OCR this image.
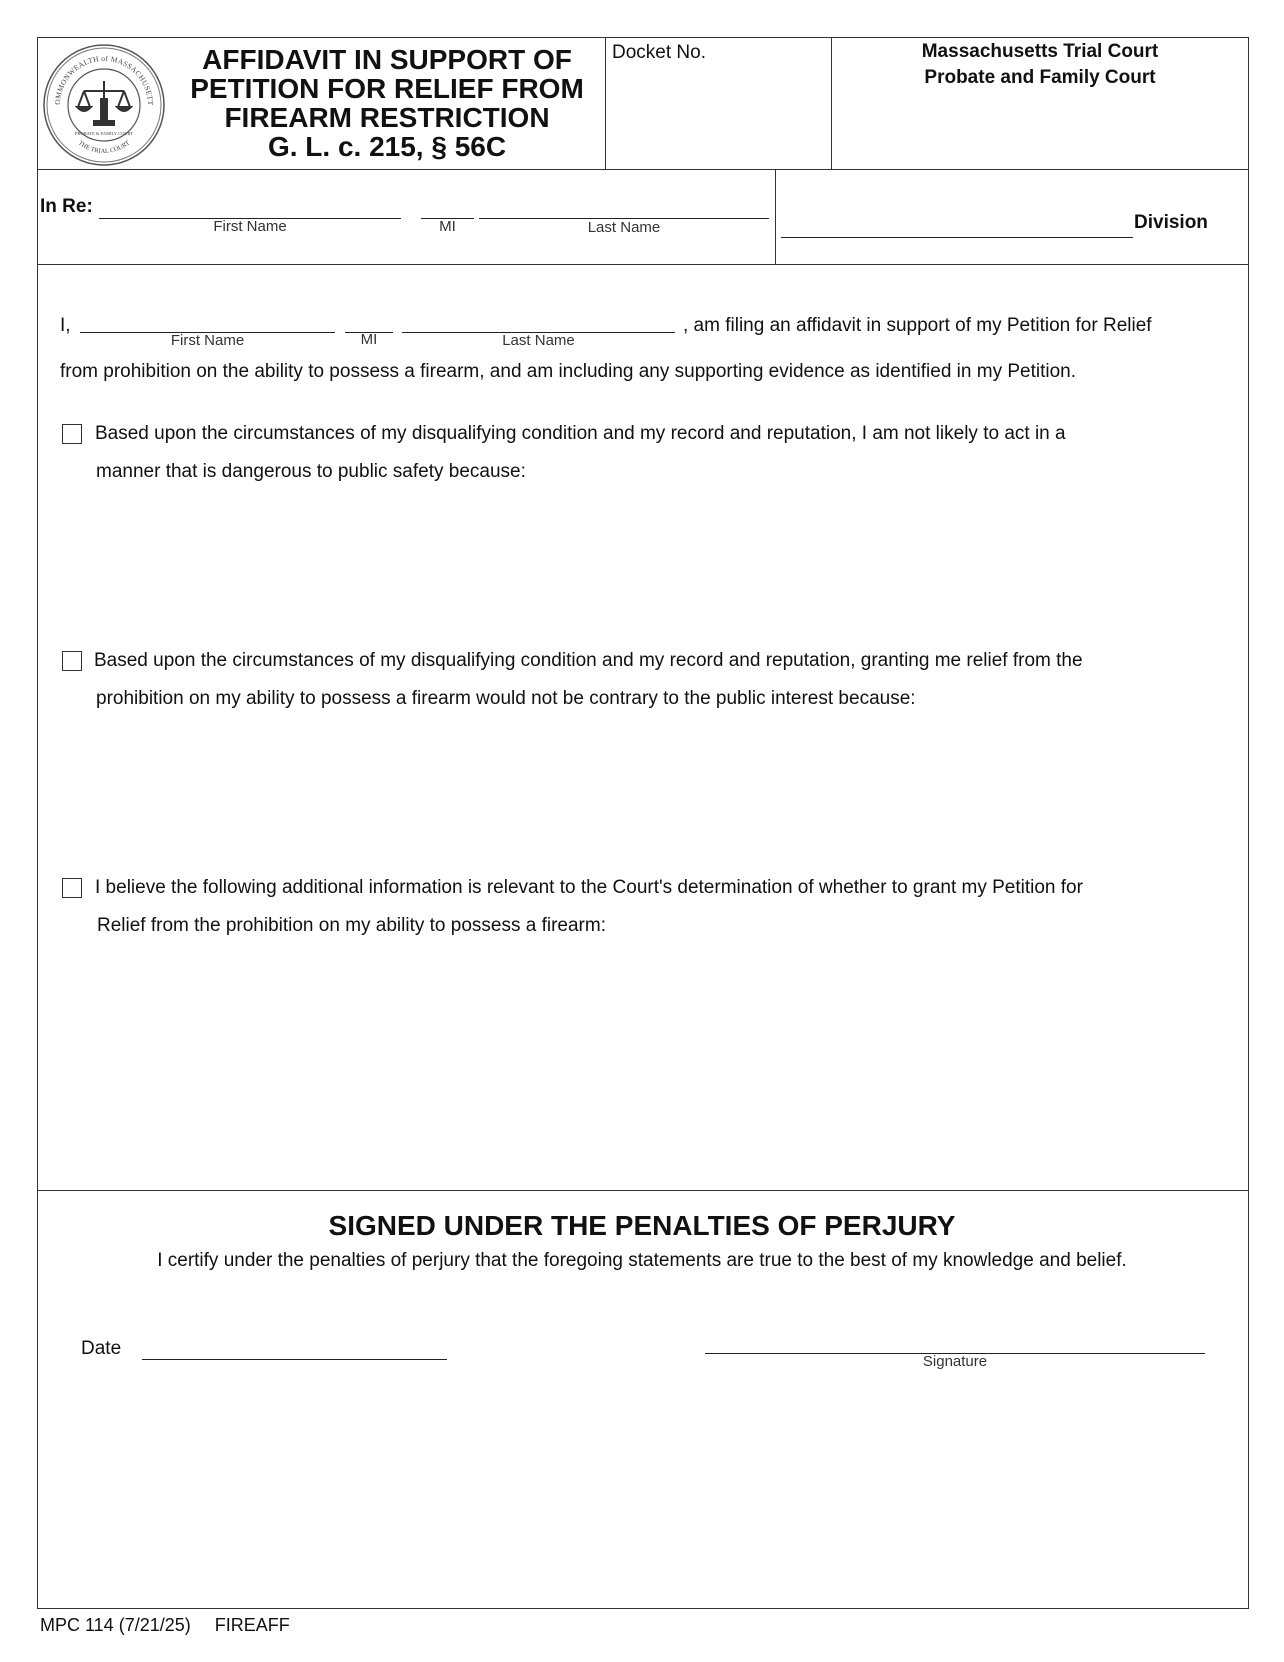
OMMONWEALTH of MASSACHUSETT
THE TRIAL COURT
PROBATE & FAMILY COURT
AFFIDAVIT IN SUPPORT OF
PETITION FOR RELIEF FROM
FIREARM RESTRICTION
G. L. c. 215, § 56C
Docket No.	Massachusetts Trial Court
Probate and Family Court
In Re:
First Name	MI	Last Name	Division
I,
First Name	MI	Last Name
, am filing an affidavit in support of my Petition for Relief
from prohibition on the ability to possess a firearm, and am including any supporting evidence as identified in my Petition.
Based upon the circumstances of my disqualifying condition and my record and reputation, I am not likely to act in a
manner that is dangerous to public safety because:
Based upon the circumstances of my disqualifying condition and my record and reputation, granting me relief from the
prohibition on my ability to possess a firearm would not be contrary to the public interest because:
I believe the following additional information is relevant to the Court's determination of whether to grant my Petition for
Relief from the prohibition on my ability to possess a firearm:
SIGNED UNDER THE PENALTIES OF PERJURY
I certify under the penalties of perjury that the foregoing statements are true to the best of my knowledge and belief.
Date
Signature
MPC 114 (7/21/25) FIREAFF
